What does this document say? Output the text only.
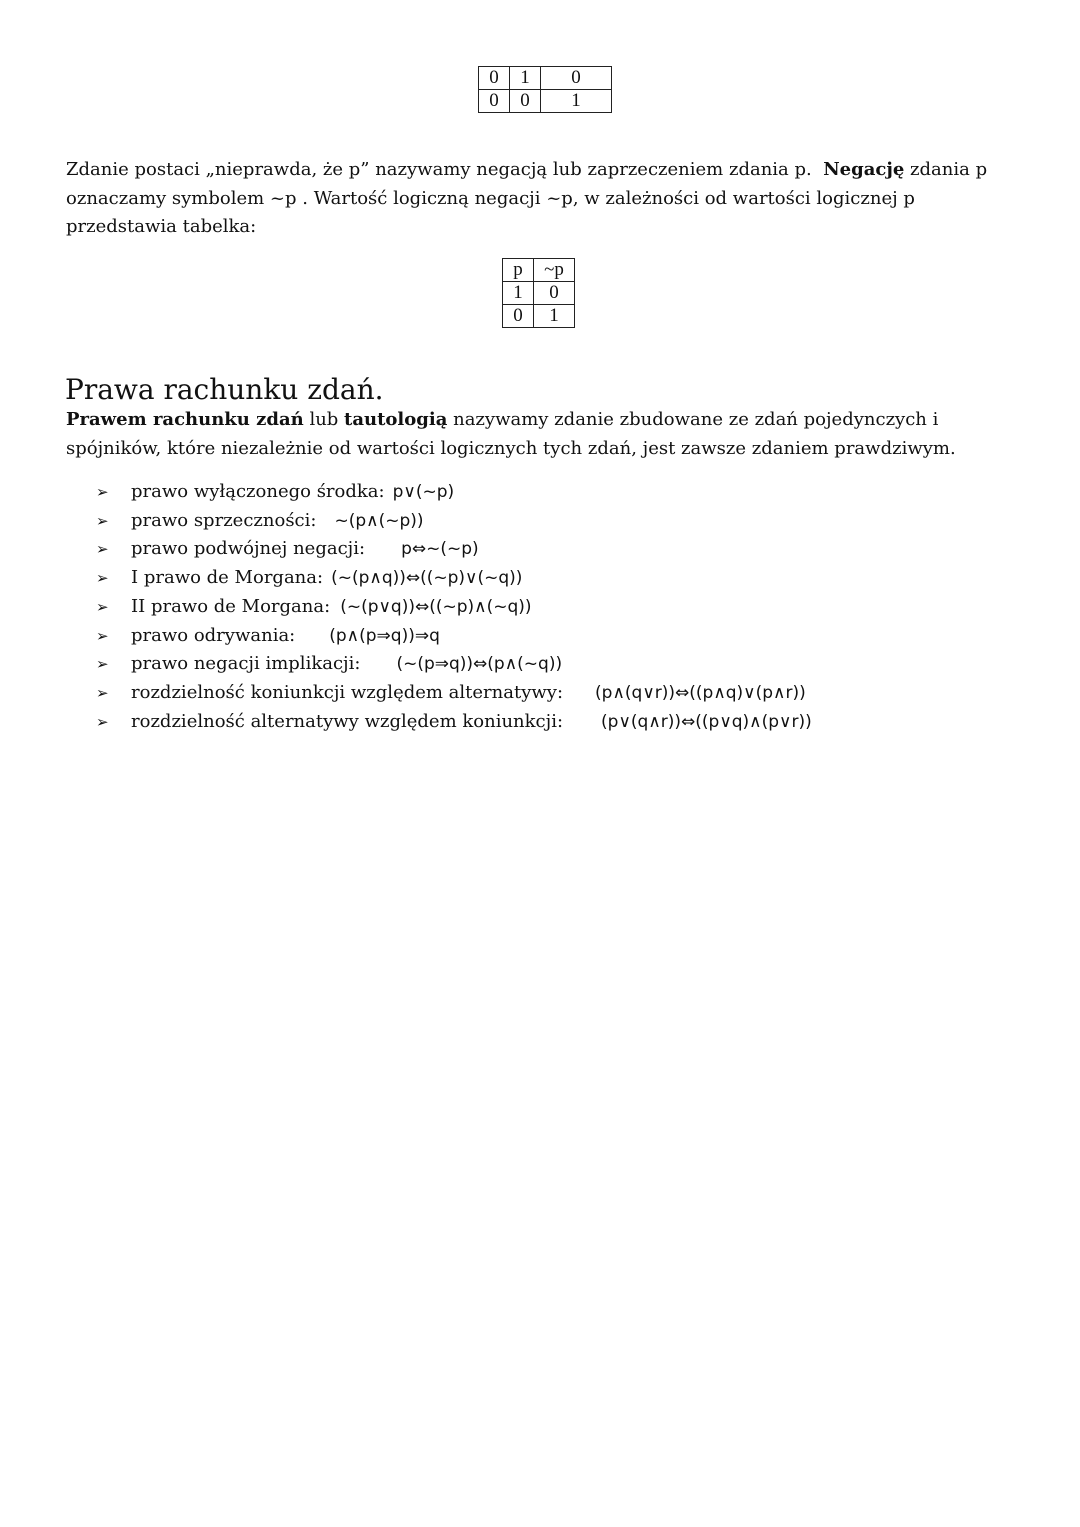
0	1	0
0	0	1

Zdanie postaci „nieprawda, że p” nazywamy negacją lub zaprzeczeniem zdania p. Negację zdania p oznaczamy symbolem ~p . Wartość logiczną negacji ~p, w zależności od wartości logicznej p przedstawia tabelka:

p	~p
1	0
0	1
Prawa rachunku zdań.

Prawem rachunku zdań lub tautologią nazywamy zdanie zbudowane ze zdań pojedynczych i spójników, które niezależnie od wartości logicznych tych zdań, jest zawsze zdaniem prawdziwym.

➢ prawo wyłączonego środka: p∨(~p)
➢ prawo sprzeczności: ~(p∧(~p))
➢ prawo podwójnej negacji: p⇔~(~p)
➢ I prawo de Morgana: (~(p∧q))⇔((~p)∨(~q))
➢ II prawo de Morgana: (~(p∨q))⇔((~p)∧(~q))
➢ prawo odrywania: (p∧(p⇒q))⇒q
➢ prawo negacji implikacji: (~(p⇒q))⇔(p∧(~q))
➢ rozdzielność koniunkcji względem alternatywy: (p∧(q∨r))⇔((p∧q)∨(p∧r))
➢ rozdzielność alternatywy względem koniunkcji: (p∨(q∧r))⇔((p∨q)∧(p∨r))
